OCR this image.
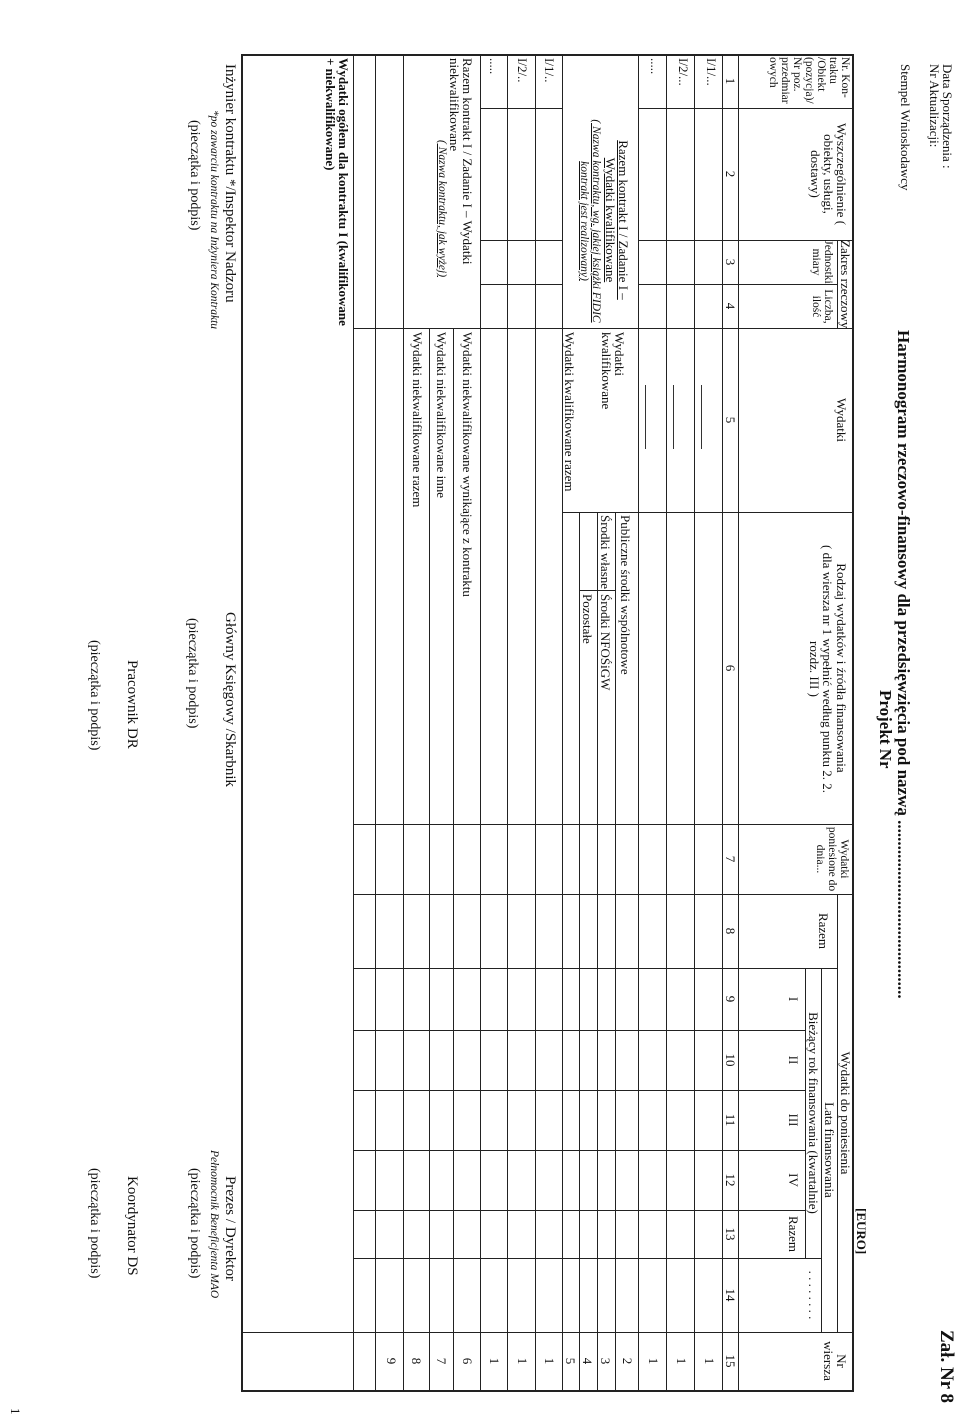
Data Sporządzenia :
Nr Aktualizacji:
Zał. Nr 8
Stempel Wnioskodawcy
Harmonogram rzeczowo-finansowy dla przedsięwzięcia pod nazwą ..........................................
Projekt Nr
[EURO]
Nr. Kon- traktu /Obiekt (pozycja)/ Nr poz. przedmiar owych
Wyszczególnienie ( obiekty, usługi, dostawy)
Zakres rzeczowy
Jednostki miary
Liczba, ilość
Wydatki
Rodzaj wydatków i źródła finansowania
( dla wiersza nr 1 wypełnić według punktu 2. 2. rozdz. III )
Wydatki poniesione do dnia...
Wydatki do poniesienia
Razem
Lata finansowania
Bieżący rok finansowania (kwartalnie)
I
II
III
IV
Razem
. . . . . . . .
Nr wiersza
1
2
3
4
5
6
7
8
9
10
11
12
13
14
15
I/1/...
I/2/...
.....
Razem kontrakt I / Zadanie I – Wydatki kwalifikowane
( Nazwa kontraktu, wg. jakiej książki FIDIC kontrakt jest realizowany)
Wydatki kwalifikowane
Publiczne środki wspólnotowe
Środki własne
Środki NFOŚiGW
Pozostałe
Wydatki kwalifikowane razem
I/1/..
I/2/..
.....
Razem kontrakt I / Zadanie I – Wydatki niekwalifikowane
( Nazwa kontraktu, jak wyżej)
Wydatki niekwalifikowane wynikające z kontraktu
Wydatki niekwalifikowane inne
Wydatki niekwalifikowane razem
Wydatki ogółem dla kontraktu I (kwalifikowane + niekwalifikowane)
1
1
1
2
3
4
5
1
1
1
6
7
8
9
Inżynier kontraktu */Inspektor Nadzoru
*po zawarciu kontraktu na Inżyniera Kontraktu
(pieczątka i podpis)
Główny Księgowy /Skarbnik
(pieczątka i podpis)
Prezes / Dyrektor
Pełnomocnik Beneficjenta MAO
(pieczątka i podpis)
Pracownik DR
(pieczątka i podpis)
Koordynator DS
(pieczątka i podpis)
1
